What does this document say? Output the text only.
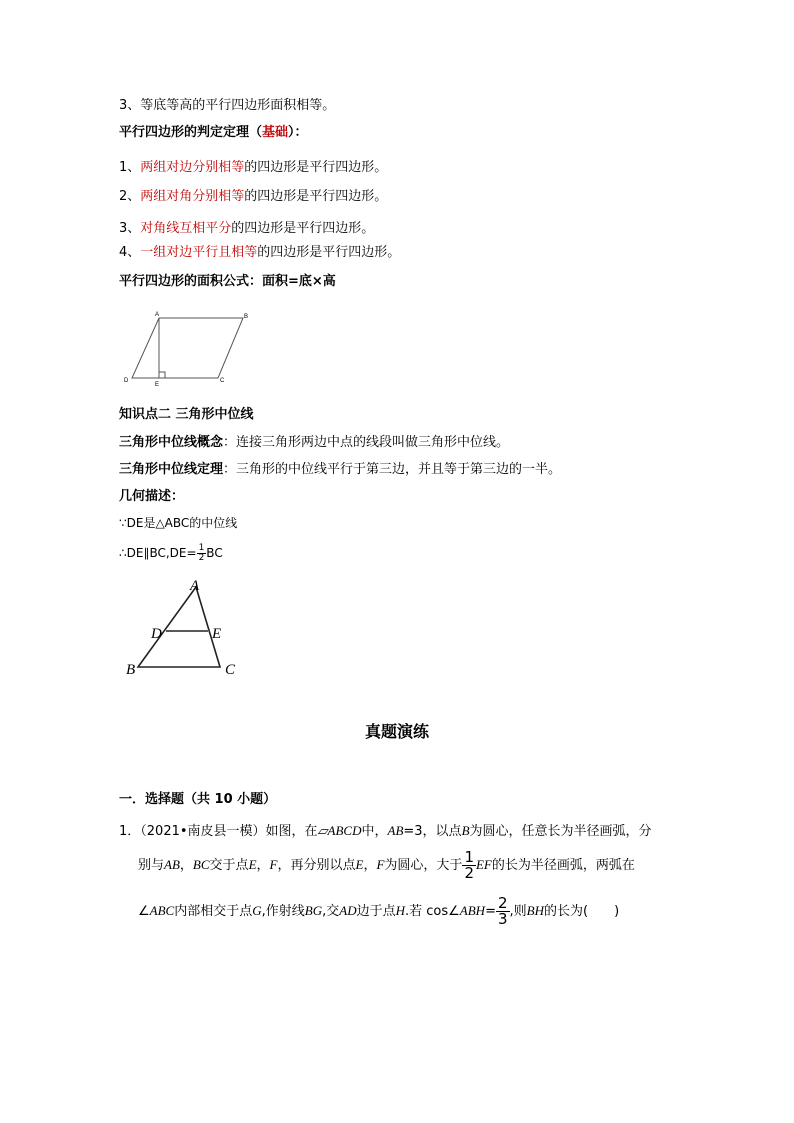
3、等底等高的平行四边形面积相等。
平行四边形的判定定理（基础）：
1、两组对边分别相等的四边形是平行四边形。
2、两组对角分别相等的四边形是平行四边形。
3、对角线互相平分的四边形是平行四边形。
4、一组对边平行且相等的四边形是平行四边形。
平行四边形的面积公式：面积=底×高
A	B
C
D
E
知识点二 三角形中位线
三角形中位线概念：连接三角形两边中点的线段叫做三角形中位线。
三角形中位线定理：三角形的中位线平行于第三边，并且等于第三边的一半。
几何描述：
∵DE是△ABC的中位线
∴DE∥BC,DE= $\frac{1}{2}$ BC
A
B	C
D	E
真题演练
一．选择题（共 10 小题）
1．（2021•南皮县一模）如图，在▱ABCD中，AB=3，以点B为圆心，任意长为半径画弧，分
别与AB，BC交于点E，F，再分别以点E，F为圆心，大于 $\frac{1}{2}$ EF的长为半径画弧，两弧在
∠ABC内部相交于点G,作射线BG,交AD边于点H.若 cos∠ABH= $\frac{2}{3}$ ,则BH的长为(　　)
